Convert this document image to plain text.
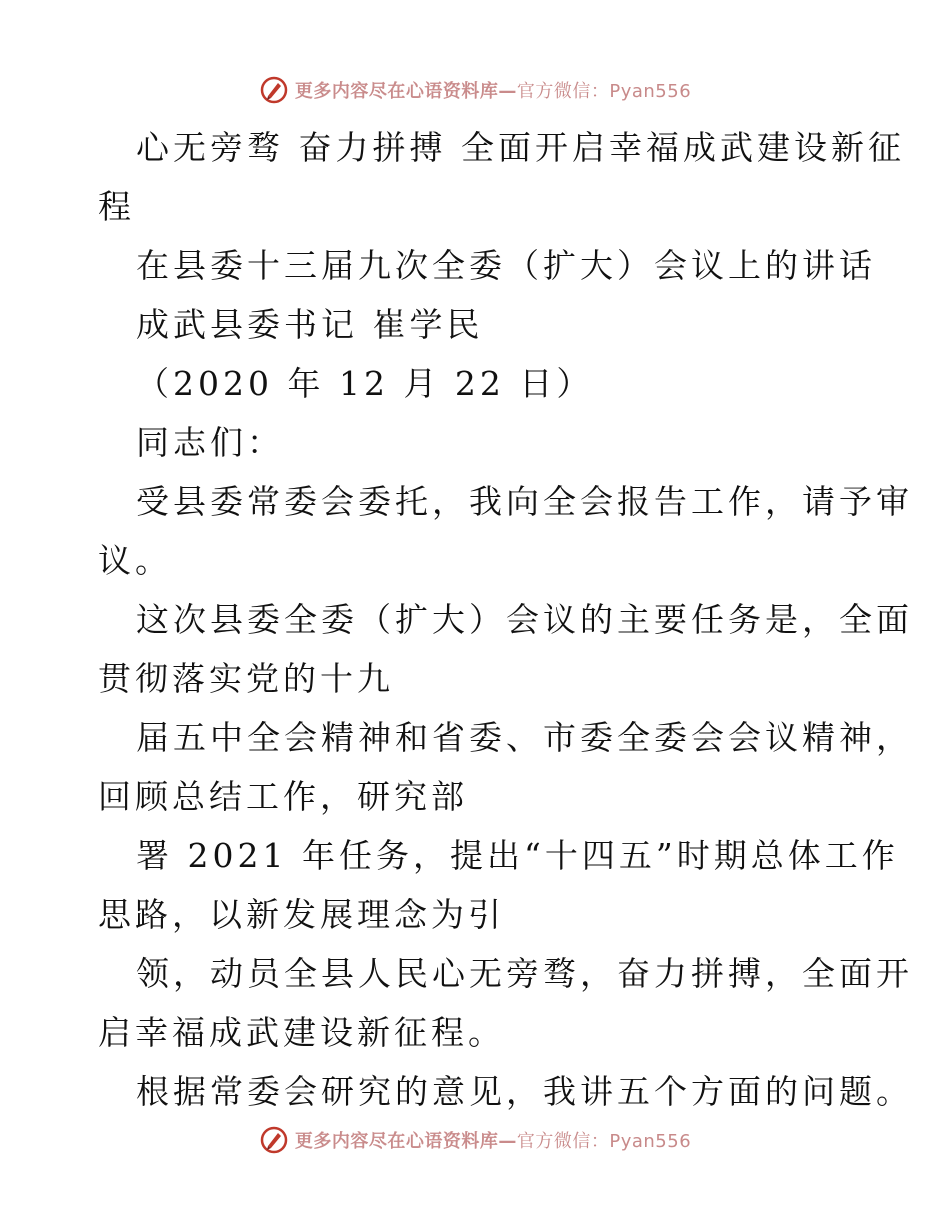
更多内容尽在心语资料库—官方微信：Pyan556

心无旁骛 奋力拼搏 全面开启幸福成武建设新征

程

在县委十三届九次全委（扩大）会议上的讲话

成武县委书记 崔学民

（2020 年 12 月 22 日）

同志们：

受县委常委会委托，我向全会报告工作，请予审

议。

这次县委全委（扩大）会议的主要任务是，全面

贯彻落实党的十九

届五中全会精神和省委、市委全委会会议精神，

回顾总结工作，研究部

署 2021 年任务，提出“十四五”时期总体工作

思路，以新发展理念为引

领，动员全县人民心无旁骛，奋力拼搏，全面开

启幸福成武建设新征程。

根据常委会研究的意见，我讲五个方面的问题。

更多内容尽在心语资料库—官方微信：Pyan556
